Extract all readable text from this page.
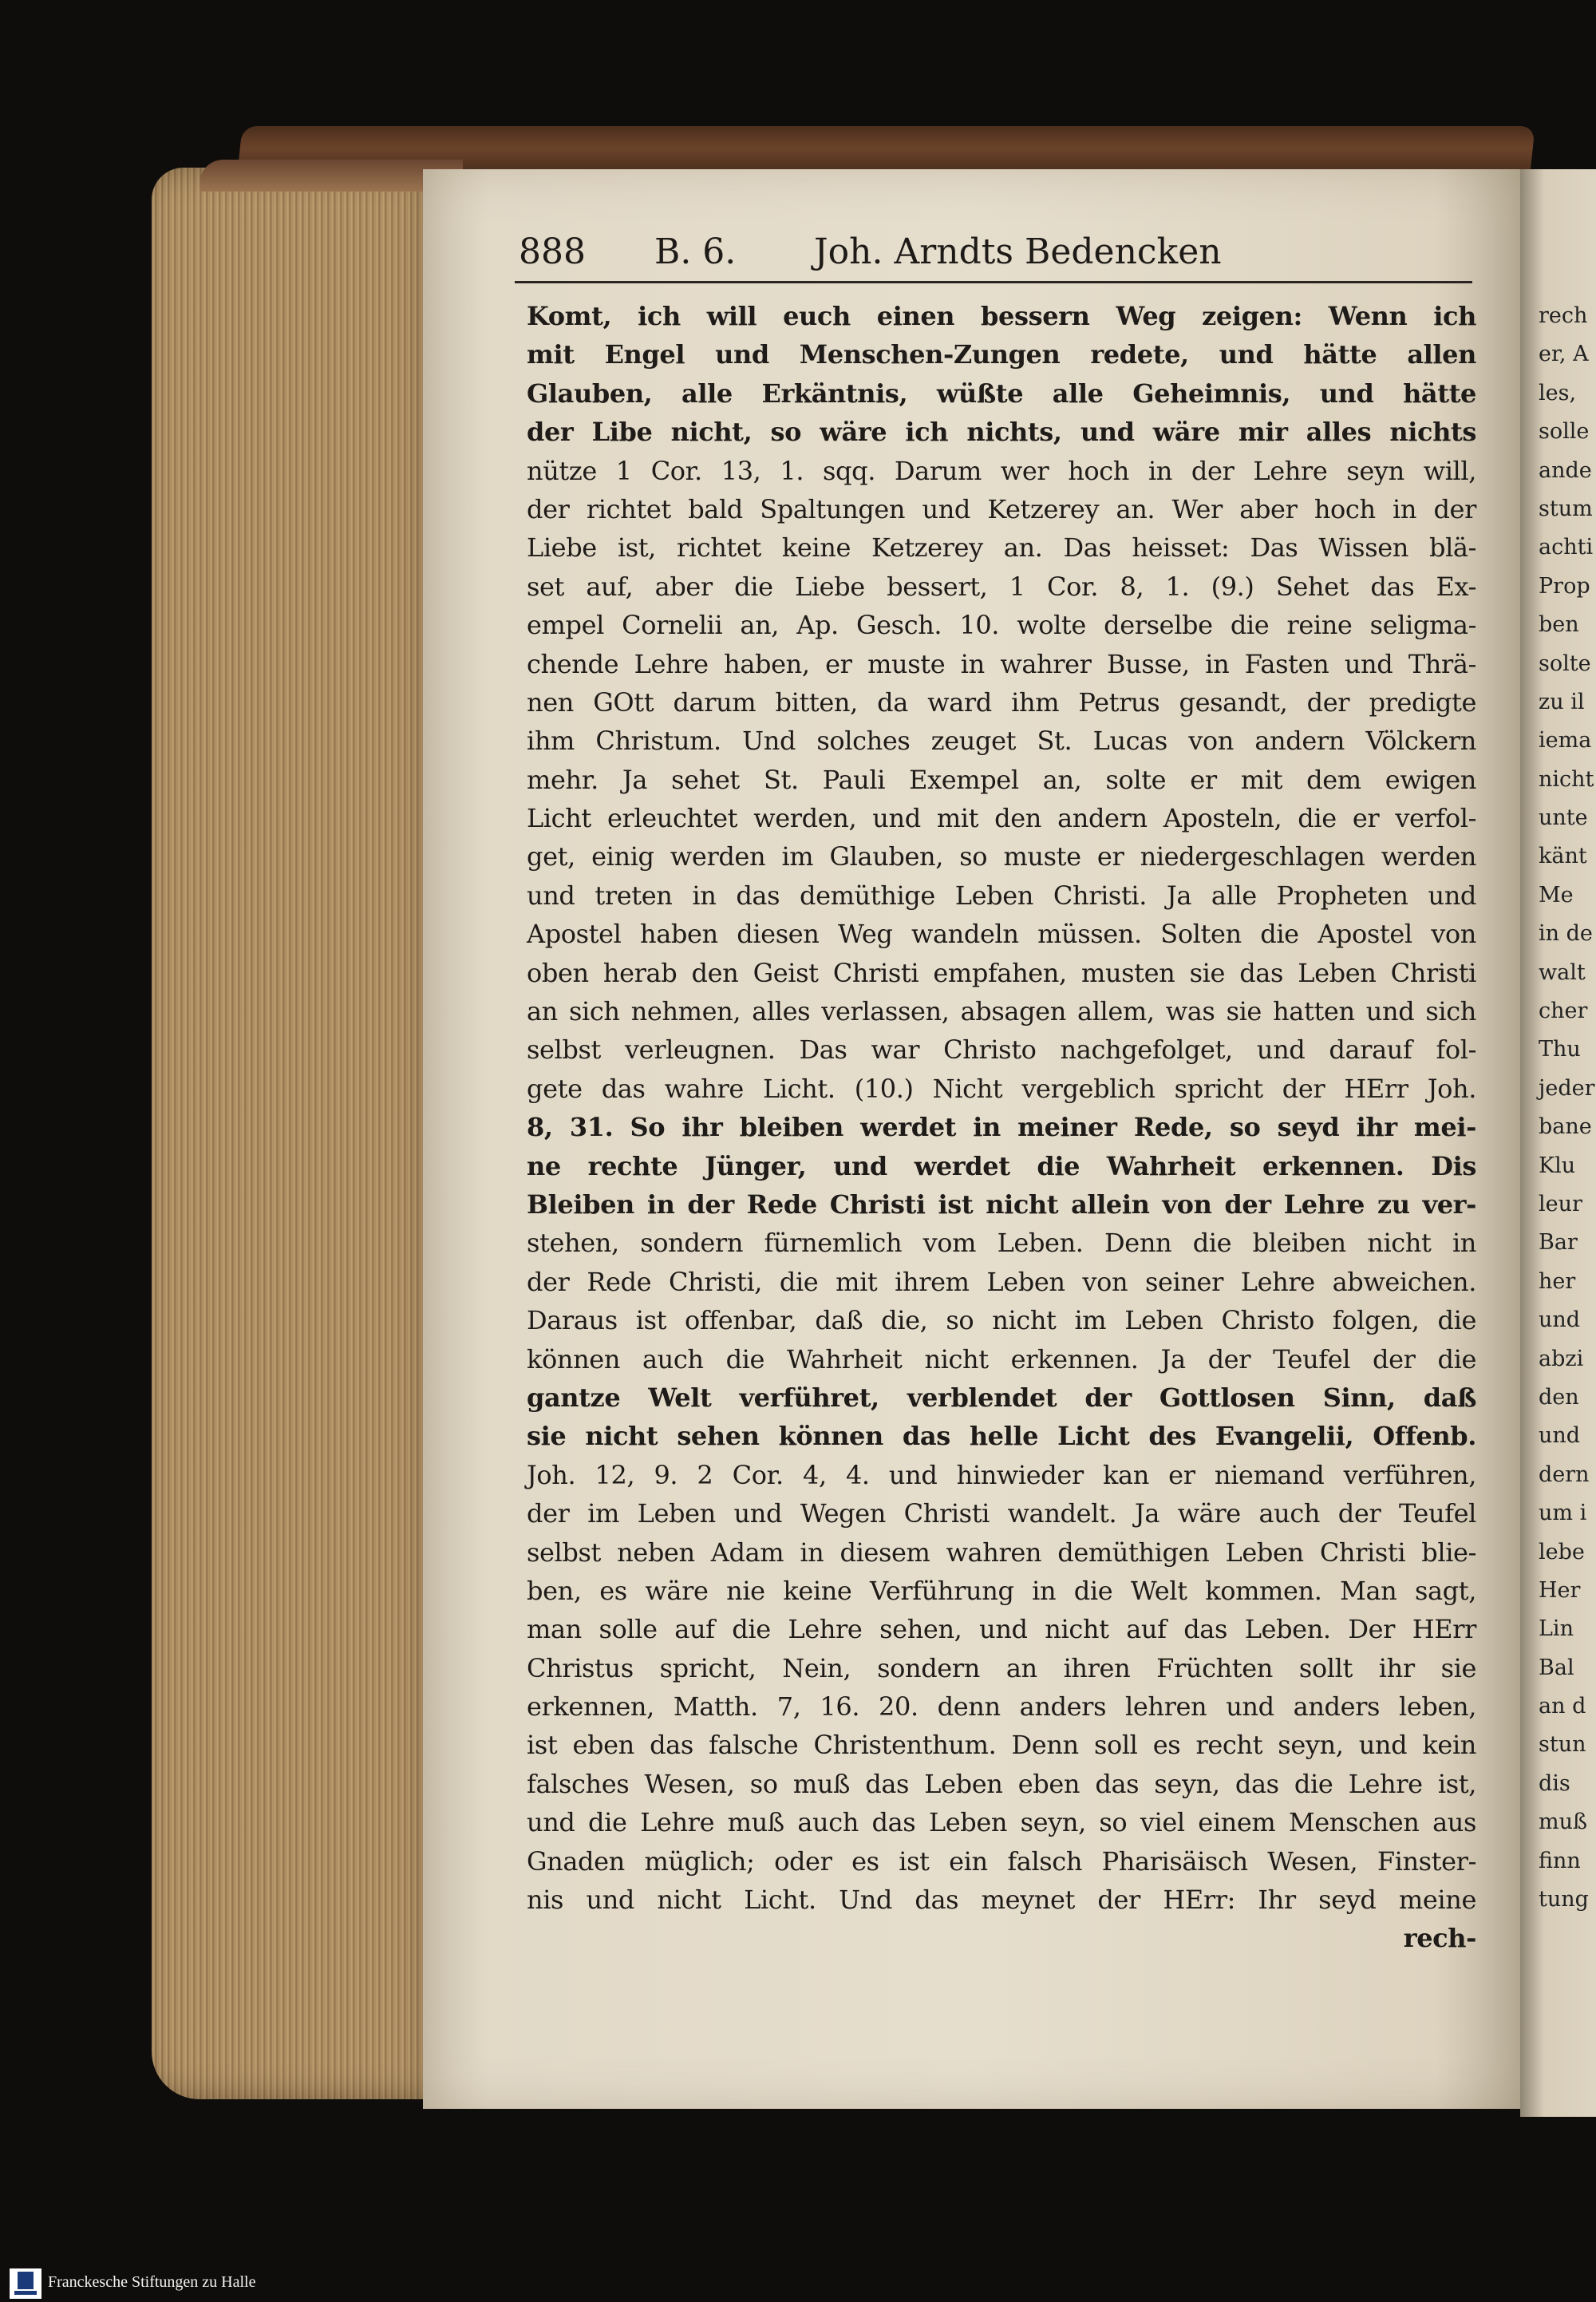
888 B. 6. Joh. Arndts Bedencken
Komt, ich will euch einen bessern Weg zeigen: Wenn ich
mit Engel und Menschen-Zungen redete, und hätte allen
Glauben, alle Erkäntnis, wüßte alle Geheimnis, und hätte
der Libe nicht, so wäre ich nichts, und wäre mir alles nichts
nütze 1 Cor. 13, 1. sqq. Darum wer hoch in der Lehre seyn will,
der richtet bald Spaltungen und Ketzerey an. Wer aber hoch in der
Liebe ist, richtet keine Ketzerey an. Das heisset: Das Wissen blä-
set auf, aber die Liebe bessert, 1 Cor. 8, 1. (9.) Sehet das Ex-
empel Cornelii an, Ap. Gesch. 10. wolte derselbe die reine seligma-
chende Lehre haben, er muste in wahrer Busse, in Fasten und Thrä-
nen GOtt darum bitten, da ward ihm Petrus gesandt, der predigte
ihm Christum. Und solches zeuget St. Lucas von andern Völckern
mehr. Ja sehet St. Pauli Exempel an, solte er mit dem ewigen
Licht erleuchtet werden, und mit den andern Aposteln, die er verfol-
get, einig werden im Glauben, so muste er niedergeschlagen werden
und treten in das demüthige Leben Christi. Ja alle Propheten und
Apostel haben diesen Weg wandeln müssen. Solten die Apostel von
oben herab den Geist Christi empfahen, musten sie das Leben Christi
an sich nehmen, alles verlassen, absagen allem, was sie hatten und sich
selbst verleugnen. Das war Christo nachgefolget, und darauf fol-
gete das wahre Licht. (10.) Nicht vergeblich spricht der HErr Joh.
8, 31. So ihr bleiben werdet in meiner Rede, so seyd ihr mei-
ne rechte Jünger, und werdet die Wahrheit erkennen. Dis
Bleiben in der Rede Christi ist nicht allein von der Lehre zu ver-
stehen, sondern fürnemlich vom Leben. Denn die bleiben nicht in
der Rede Christi, die mit ihrem Leben von seiner Lehre abweichen.
Daraus ist offenbar, daß die, so nicht im Leben Christo folgen, die
können auch die Wahrheit nicht erkennen. Ja der Teufel der die
gantze Welt verführet, verblendet der Gottlosen Sinn, daß
sie nicht sehen können das helle Licht des Evangelii, Offenb.
Joh. 12, 9. 2 Cor. 4, 4. und hinwieder kan er niemand verführen,
der im Leben und Wegen Christi wandelt. Ja wäre auch der Teufel
selbst neben Adam in diesem wahren demüthigen Leben Christi blie-
ben, es wäre nie keine Verführung in die Welt kommen. Man sagt,
man solle auf die Lehre sehen, und nicht auf das Leben. Der HErr
Christus spricht, Nein, sondern an ihren Früchten sollt ihr sie
erkennen, Matth. 7, 16. 20. denn anders lehren und anders leben,
ist eben das falsche Christenthum. Denn soll es recht seyn, und kein
falsches Wesen, so muß das Leben eben das seyn, das die Lehre ist,
und die Lehre muß auch das Leben seyn, so viel einem Menschen aus
Gnaden müglich; oder es ist ein falsch Pharisäisch Wesen, Finster-
nis und nicht Licht. Und das meynet der HErr: Ihr seyd meine
rech-
rech
er, A
les,
solle
ande
stum
achti
Prop
ben
solte
zu il
iema
nicht
unte
känt
Me
in de
walt
cher
Thu
jeder
bane
Klu
leur
Bar
her
und
abzi
den
und
dern
um i
lebe
Her
Lin
Bal
an d
stun
dis
muß
finn
tung
Franckesche Stiftungen zu Halle
